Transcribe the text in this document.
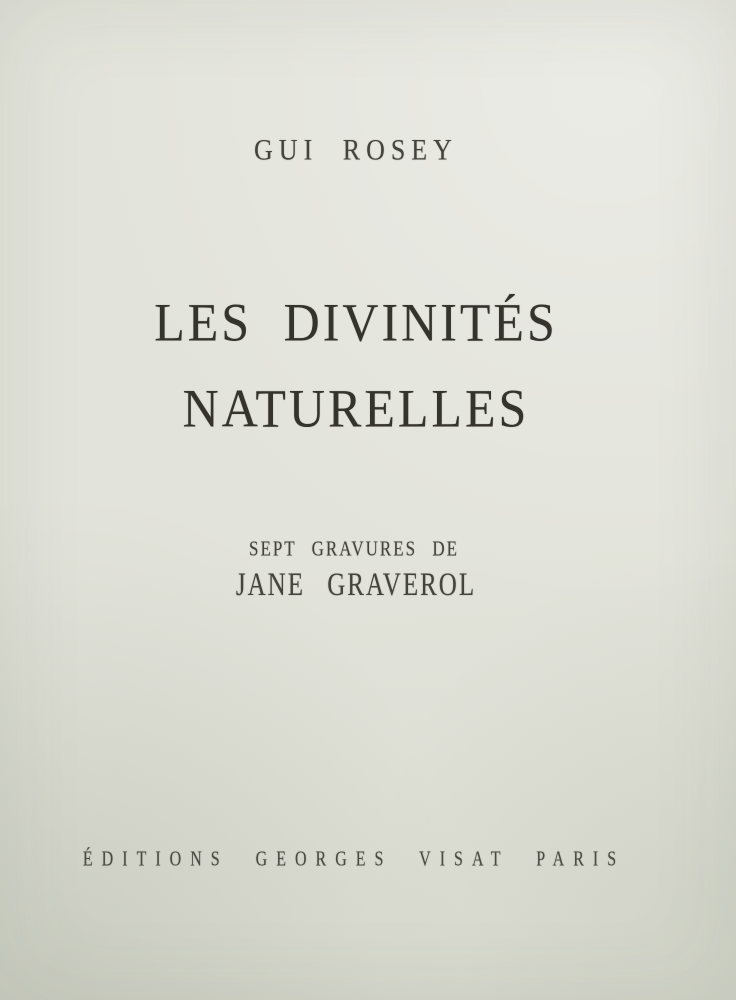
GUI ROSEY
LES DIVINITÉS
NATURELLES
SEPT GRAVURES DE
JANE GRAVEROL
ÉDITIONS GEORGES VISAT PARIS
